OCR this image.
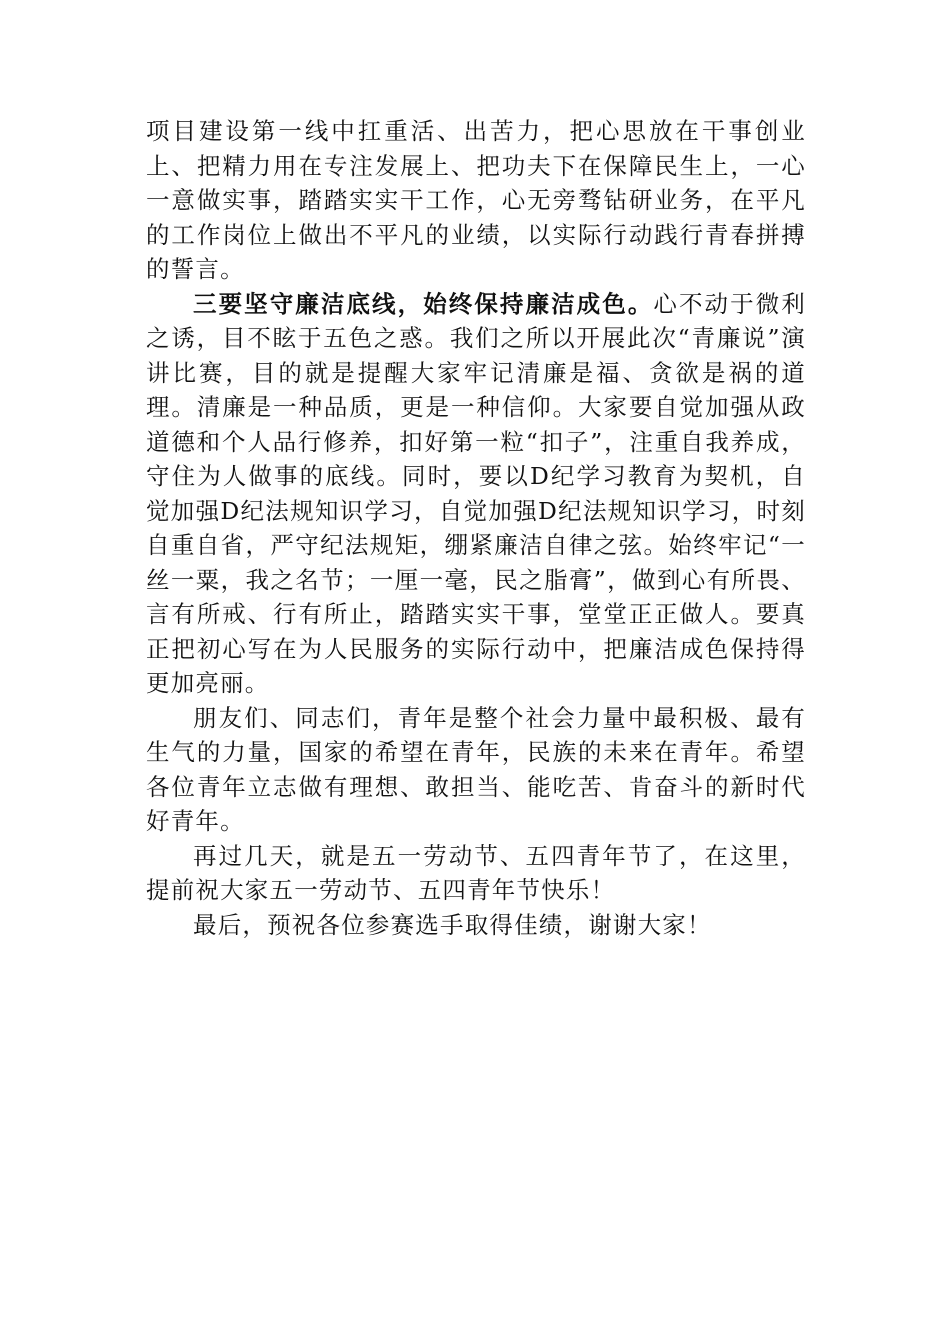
项目建设第一线中扛重活、出苦力，把心思放在干事创业上、把精力用在专注发展上、把功夫下在保障民生上，一心一意做实事，踏踏实实干工作，心无旁骛钻研业务，在平凡的工作岗位上做出不平凡的业绩，以实际行动践行青春拼搏的誓言。

三要坚守廉洁底线，始终保持廉洁成色。心不动于微利之诱，目不眩于五色之惑。我们之所以开展此次“青廉说”演讲比赛，目的就是提醒大家牢记清廉是福、贪欲是祸的道理。清廉是一种品质，更是一种信仰。大家要自觉加强从政道德和个人品行修养，扣好第一粒“扣子”，注重自我养成，守住为人做事的底线。同时，要以D纪学习教育为契机，自觉加强D纪法规知识学习，自觉加强D纪法规知识学习，时刻自重自省，严守纪法规矩，绷紧廉洁自律之弦。始终牢记“一丝一粟，我之名节；一厘一毫，民之脂膏”，做到心有所畏、言有所戒、行有所止，踏踏实实干事，堂堂正正做人。要真正把初心写在为人民服务的实际行动中，把廉洁成色保持得更加亮丽。

朋友们、同志们，青年是整个社会力量中最积极、最有生气的力量，国家的希望在青年，民族的未来在青年。希望各位青年立志做有理想、敢担当、能吃苦、肯奋斗的新时代好青年。

再过几天，就是五一劳动节、五四青年节了，在这里，提前祝大家五一劳动节、五四青年节快乐！

最后，预祝各位参赛选手取得佳绩，谢谢大家！
